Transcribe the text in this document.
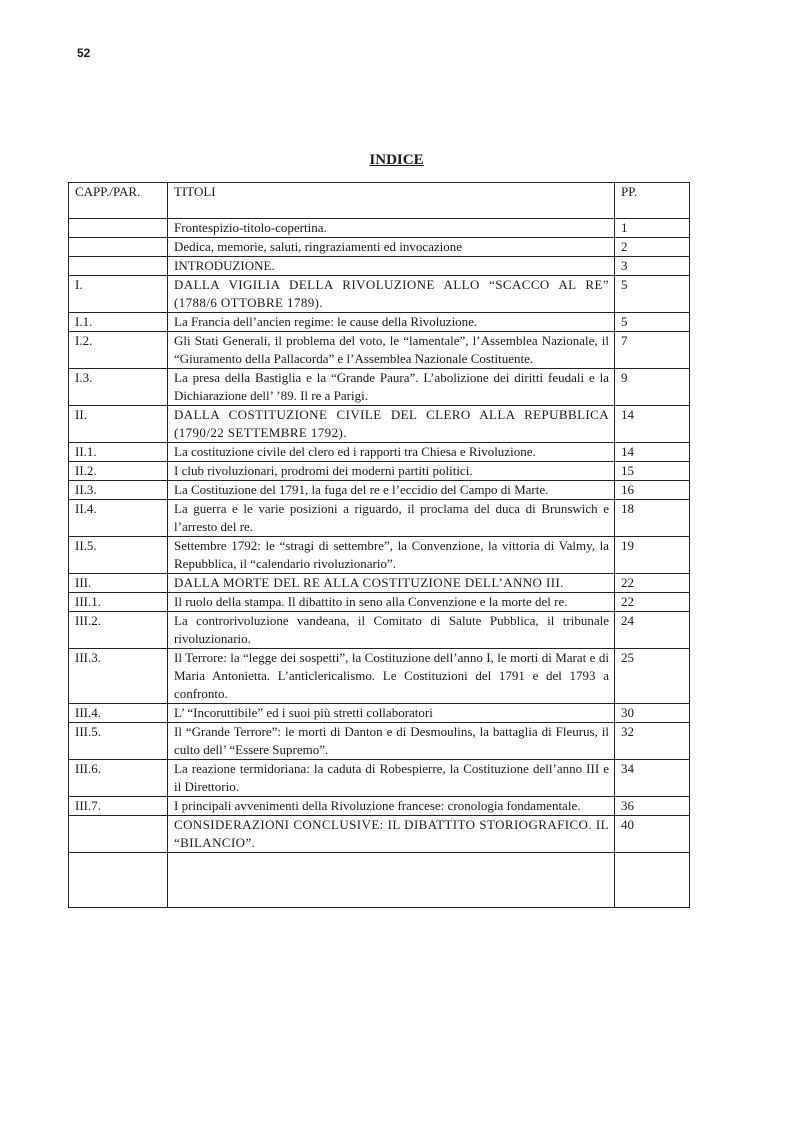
52
INDICE
CAPP./PAR.	TITOLI	PP.
	Frontespizio-titolo-copertina.	1
	Dedica, memorie, saluti, ringraziamenti ed invocazione	2
	INTRODUZIONE.	3
I.	DALLA VIGILIA DELLA RIVOLUZIONE ALLO “SCACCO AL RE” (1788/6 OTTOBRE 1789).	5
I.1.	La Francia dell’ancien regime: le cause della Rivoluzione.	5
I.2.	Gli Stati Generali, il problema del voto, le “lamentale”, l’Assemblea Nazionale, il “Giuramento della Pallacorda” e l’Assemblea Nazionale Costituente.	7
I.3.	La presa della Bastiglia e la “Grande Paura”. L’abolizione dei diritti feudali e la Dichiarazione dell’ ’89. Il re a Parigi.	9
II.	DALLA COSTITUZIONE CIVILE DEL CLERO ALLA REPUBBLICA (1790/22 SETTEMBRE 1792).	14
II.1.	La costituzione civile del clero ed i rapporti tra Chiesa e Rivoluzione.	14
II.2.	I club rivoluzionari, prodromi dei moderni partiti politici.	15
II.3.	La Costituzione del 1791, la fuga del re e l’eccidio del Campo di Marte.	16
II.4.	La guerra e le varie posizioni a riguardo, il proclama del duca di Brunswich e l’arresto del re.	18
II.5.	Settembre 1792: le “stragi di settembre”, la Convenzione, la vittoria di Valmy, la Repubblica, il “calendario rivoluzionario”.	19
III.	DALLA MORTE DEL RE ALLA COSTITUZIONE DELL’ANNO III.	22
III.1.	Il ruolo della stampa. Il dibattito in seno alla Convenzione e la morte del re.	22
III.2.	La controrivoluzione vandeana, il Comitato di Salute Pubblica, il tribunale rivoluzionario.	24
III.3.	Il Terrore: la “legge dei sospetti”, la Costituzione dell’anno I, le morti di Marat e di Maria Antonietta. L’anticlericalismo. Le Costituzioni del 1791 e del 1793 a confronto.	25
III.4.	L’ “Incoruttibile” ed i suoi più stretti collaboratori	30
III.5.	Il “Grande Terrore”: le morti di Danton e di Desmoulins, la battaglia di Fleurus, il culto dell’ “Essere Supremo”.	32
III.6.	La reazione termidoriana: la caduta di Robespierre, la Costituzione dell’anno III e il Direttorio.	34
III.7.	I principali avvenimenti della Rivoluzione francese: cronologia fondamentale.	36
	CONSIDERAZIONI CONCLUSIVE: IL DIBATTITO STORIOGRAFICO. IL “BILANCIO”.	40
